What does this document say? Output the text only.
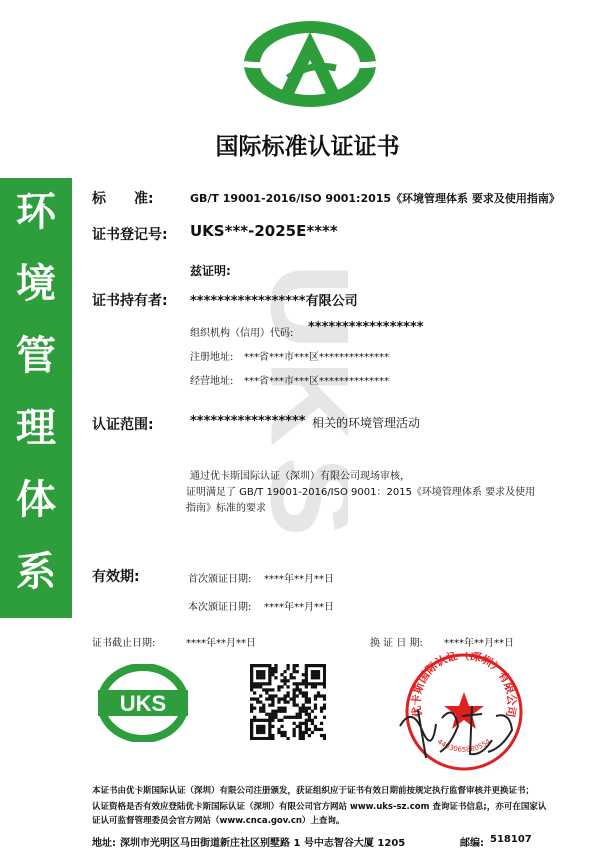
UKS
国际标准认证证书
环
境
管
理
体
系
标　　准:	GB/T 19001-2016/ISO 9001:2015《环境管理体系 要求及使用指南》
证书登记号: UKS***-2025E****
兹证明:
证书持有者: *****************有限公司
组织机构（信用）代码: *****************
注册地址: ***省***市***区**************
经营地址: ***省***市***区**************
认证范围:	***************** 相关的环境管理活动
通过优卡斯国际认证（深圳）有限公司现场审核，
证明满足了 GB/T 19001-2016/ISO 9001：2015《环境管理体系 要求及使用
指南》标准的要求
有效期:	首次颁证日期: ****年**月**日
本次颁证日期: ****年**月**日
证书截止日期:	****年**月**日	换 证 日 期: ****年**月**日
UKS	优卡斯国际认证（深圳）有限公司
4403065880554
本证书由优卡斯国际认证（深圳）有限公司注册颁发，获证组织应于证书有效日期前按规定执行监督审核并更换证书；
认证资格是否有效应登陆优卡斯国际认证（深圳）有限公司官方网站 www.uks-sz.com 查询证书信息;，亦可在国家认
证认可监督管理委员会官方网站（www.cnca.gov.cn）上查询。
地址: 深圳市光明区马田街道新庄社区别墅路 1 号中志智谷大厦 1205	邮编: 518107
